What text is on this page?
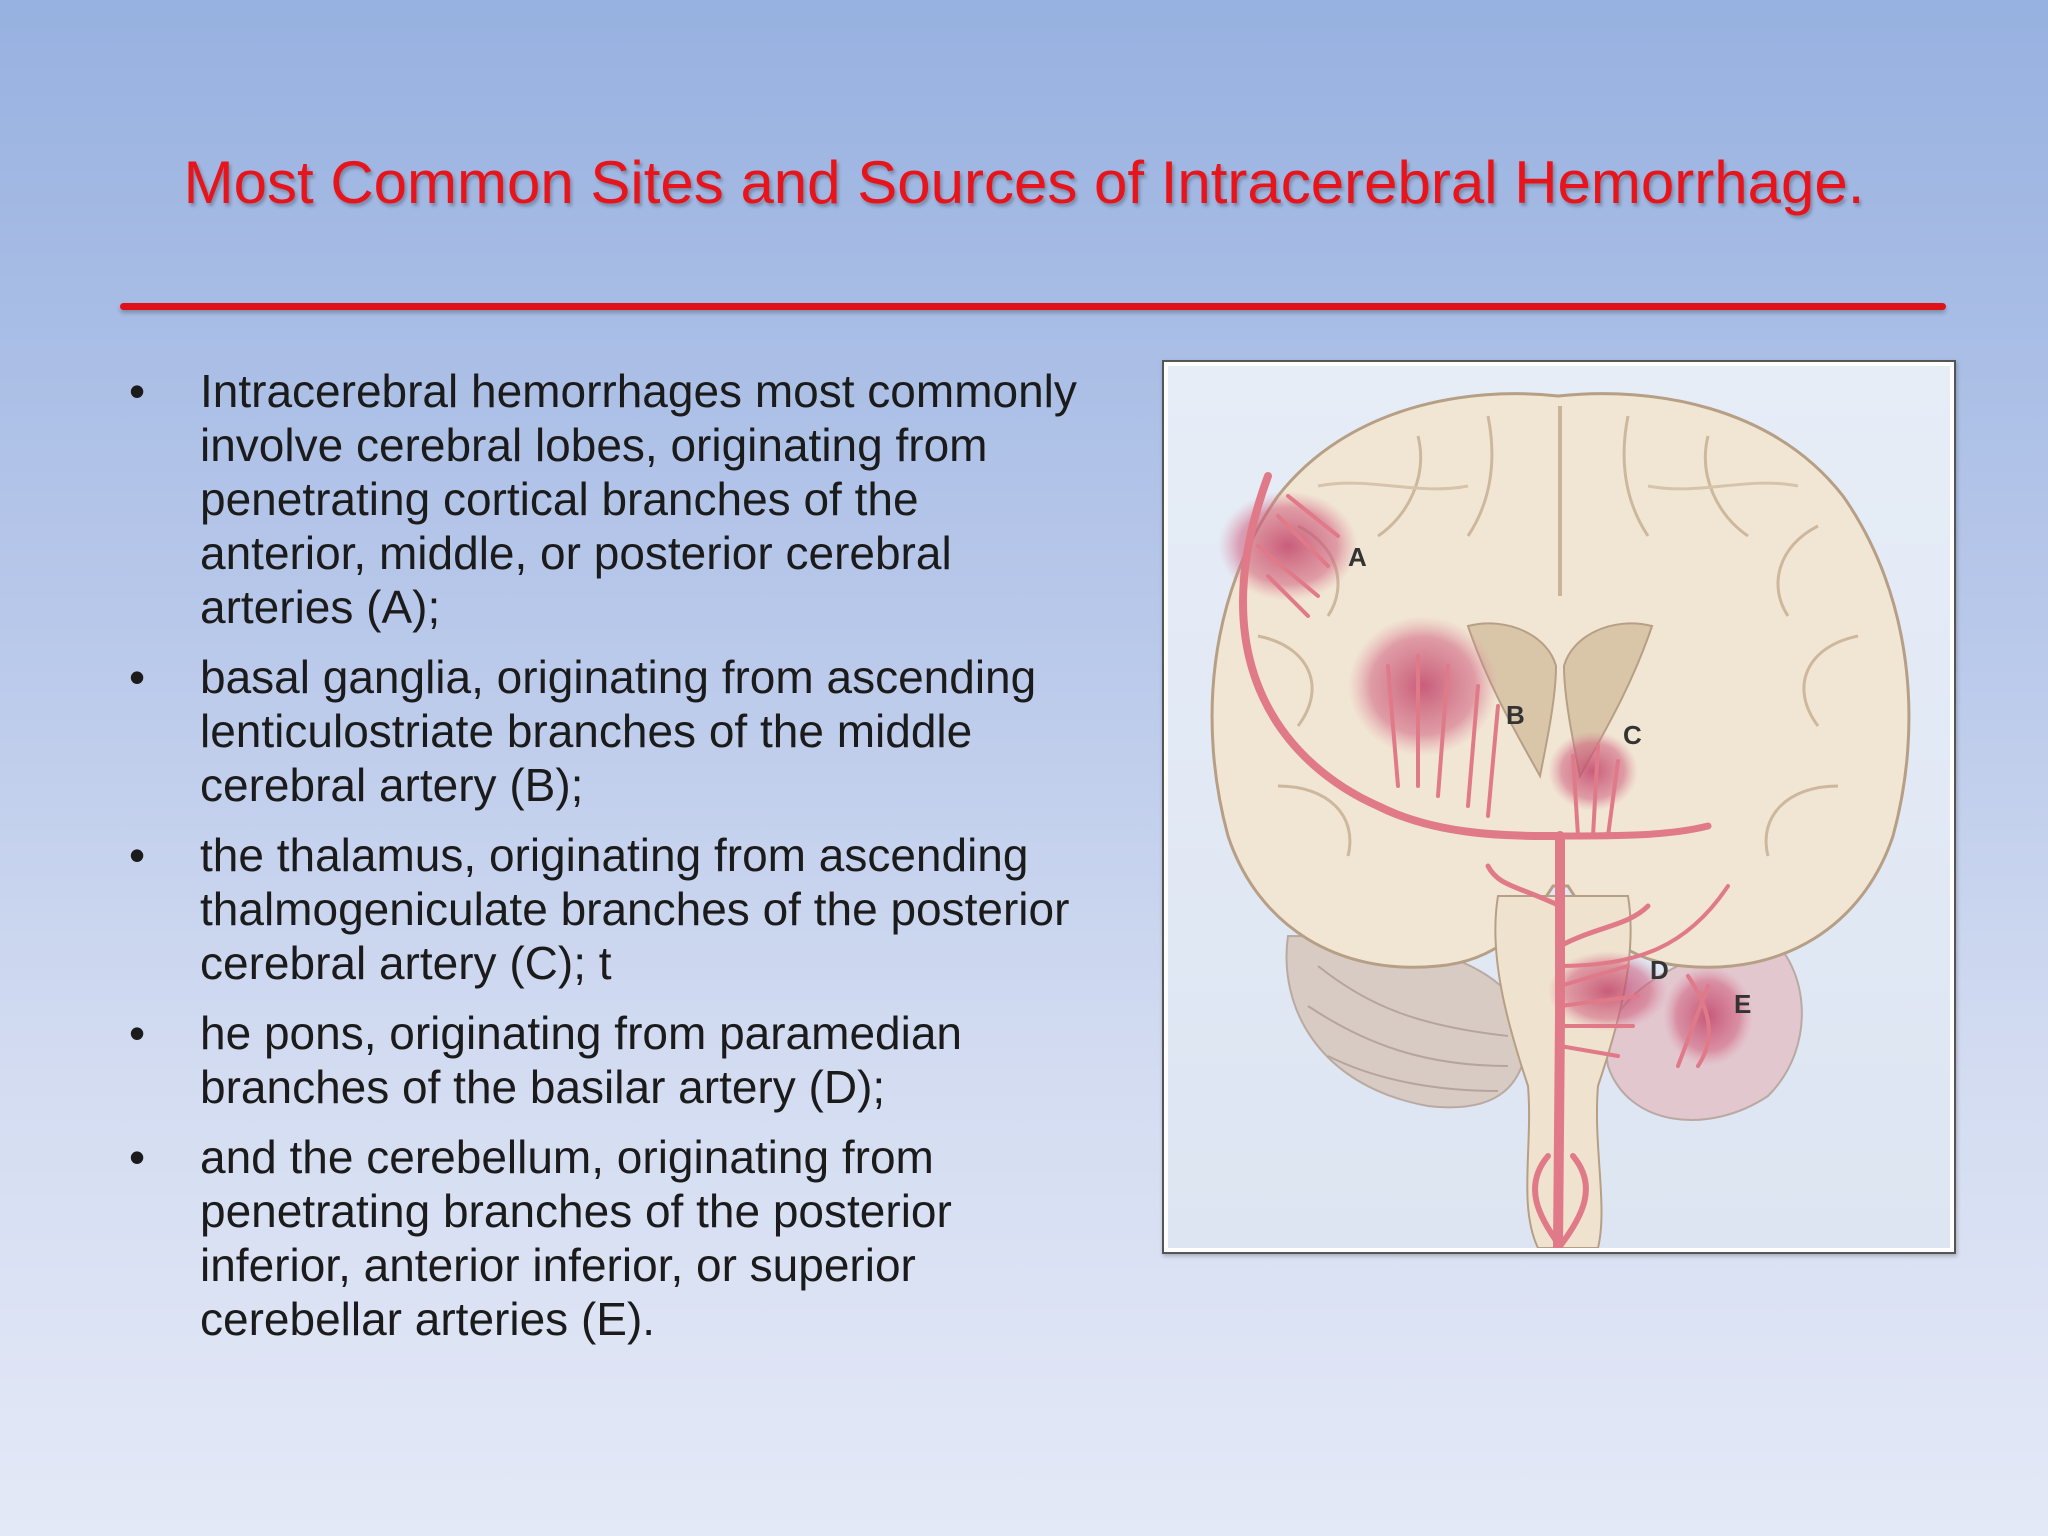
Most Common Sites and Sources of Intracerebral Hemorrhage.
• Intracerebral hemorrhages most commonly involve cerebral lobes, originating from penetrating cortical branches of the anterior, middle, or posterior cerebral arteries (A);
• basal ganglia, originating from ascending lenticulostriate branches of the middle cerebral artery (B);
• the thalamus, originating from ascending thalmogeniculate branches of the posterior cerebral artery (C); t
• he pons, originating from paramedian branches of the basilar artery (D);
• and the cerebellum, originating from penetrating branches of the posterior inferior, anterior inferior, or superior cerebellar arteries (E).
A
B
C
D
E
